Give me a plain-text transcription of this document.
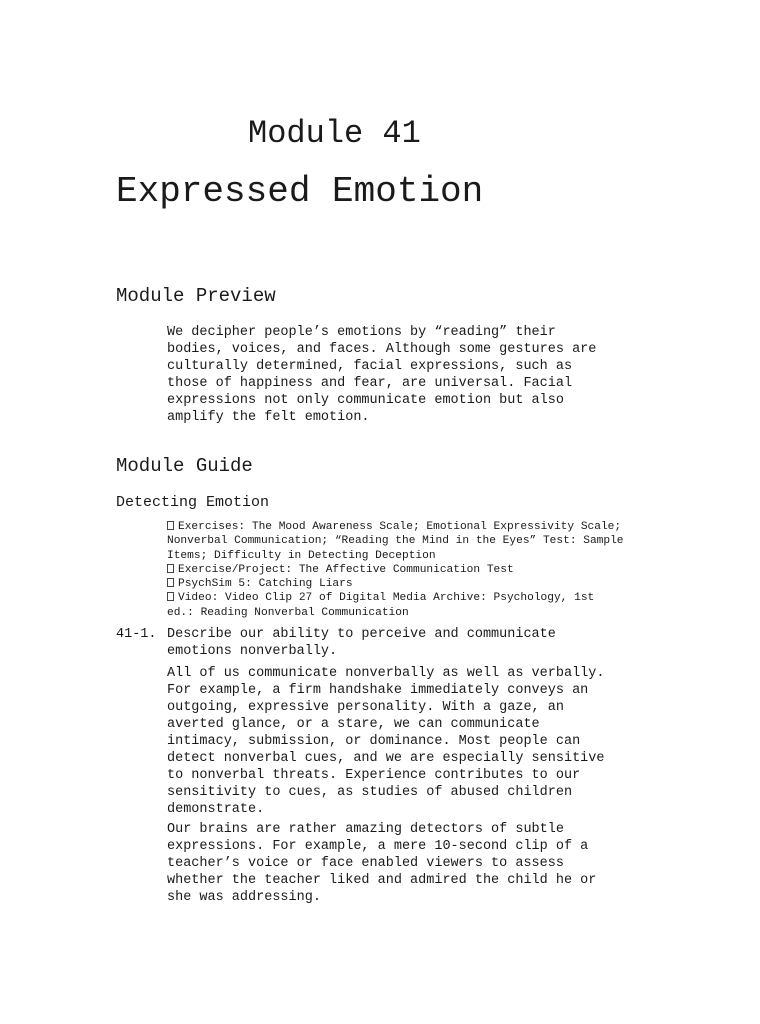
Module 41
Expressed Emotion
Module Preview

We decipher people’s emotions by “reading” their
bodies, voices, and faces. Although some gestures are
culturally determined, facial expressions, such as
those of happiness and fear, are universal. Facial
expressions not only communicate emotion but also
amplify the felt emotion.

Module Guide
Detecting Emotion
Exercises: The Mood Awareness Scale; Emotional Expressivity Scale;
Nonverbal Communication; “Reading the Mind in the Eyes” Test: Sample
Items; Difficulty in Detecting Deception
Exercise/Project: The Affective Communication Test
PsychSim 5: Catching Liars
Video: Video Clip 27 of Digital Media Archive: Psychology, 1st
ed.: Reading Nonverbal Communication
41-1. Describe our ability to perceive and communicate
emotions nonverbally.

All of us communicate nonverbally as well as verbally.
For example, a firm handshake immediately conveys an
outgoing, expressive personality. With a gaze, an
averted glance, or a stare, we can communicate
intimacy, submission, or dominance. Most people can
detect nonverbal cues, and we are especially sensitive
to nonverbal threats. Experience contributes to our
sensitivity to cues, as studies of abused children
demonstrate.

Our brains are rather amazing detectors of subtle
expressions. For example, a mere 10-second clip of a
teacher’s voice or face enabled viewers to assess
whether the teacher liked and admired the child he or
she was addressing.
